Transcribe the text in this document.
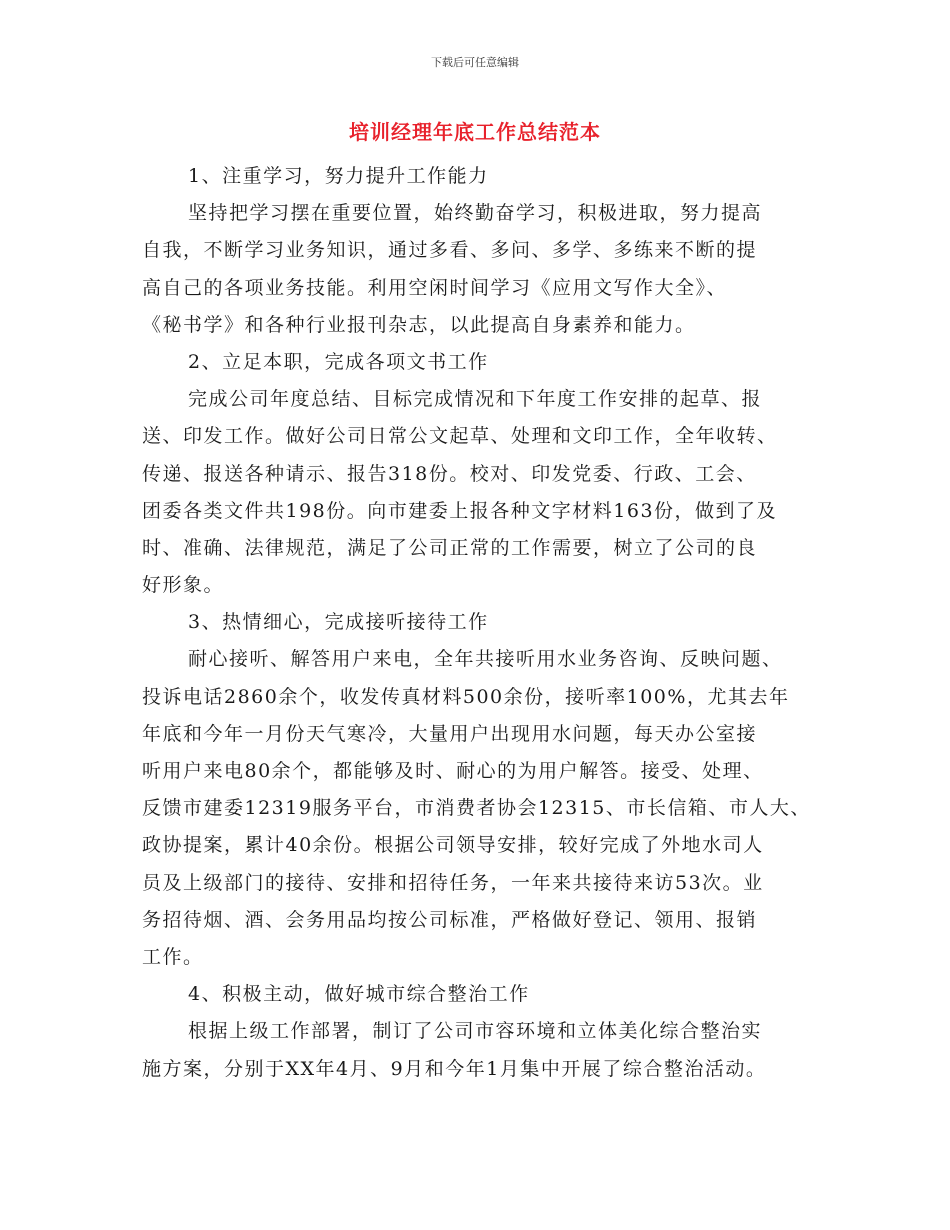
下载后可任意编辑
培训经理年底工作总结范本
1、注重学习，努力提升工作能力
坚持把学习摆在重要位置，始终勤奋学习，积极进取，努力提高
自我，不断学习业务知识，通过多看、多问、多学、多练来不断的提
高自己的各项业务技能。利用空闲时间学习《应用文写作大全》、
《秘书学》和各种行业报刊杂志，以此提高自身素养和能力。
2、立足本职，完成各项文书工作
完成公司年度总结、目标完成情况和下年度工作安排的起草、报
送、印发工作。做好公司日常公文起草、处理和文印工作，全年收转、
传递、报送各种请示、报告318份。校对、印发党委、行政、工会、
团委各类文件共198份。向市建委上报各种文字材料163份，做到了及
时、准确、法律规范，满足了公司正常的工作需要，树立了公司的良
好形象。
3、热情细心，完成接听接待工作
耐心接听、解答用户来电，全年共接听用水业务咨询、反映问题、
投诉电话2860余个，收发传真材料500余份，接听率100%，尤其去年
年底和今年一月份天气寒冷，大量用户出现用水问题，每天办公室接
听用户来电80余个，都能够及时、耐心的为用户解答。接受、处理、
反馈市建委12319服务平台，市消费者协会12315、市长信箱、市人大、
政协提案，累计40余份。根据公司领导安排，较好完成了外地水司人
员及上级部门的接待、安排和招待任务，一年来共接待来访53次。业
务招待烟、酒、会务用品均按公司标准，严格做好登记、领用、报销
工作。
4、积极主动，做好城市综合整治工作
根据上级工作部署，制订了公司市容环境和立体美化综合整治实
施方案，分别于XX年4月、9月和今年1月集中开展了综合整治活动。
